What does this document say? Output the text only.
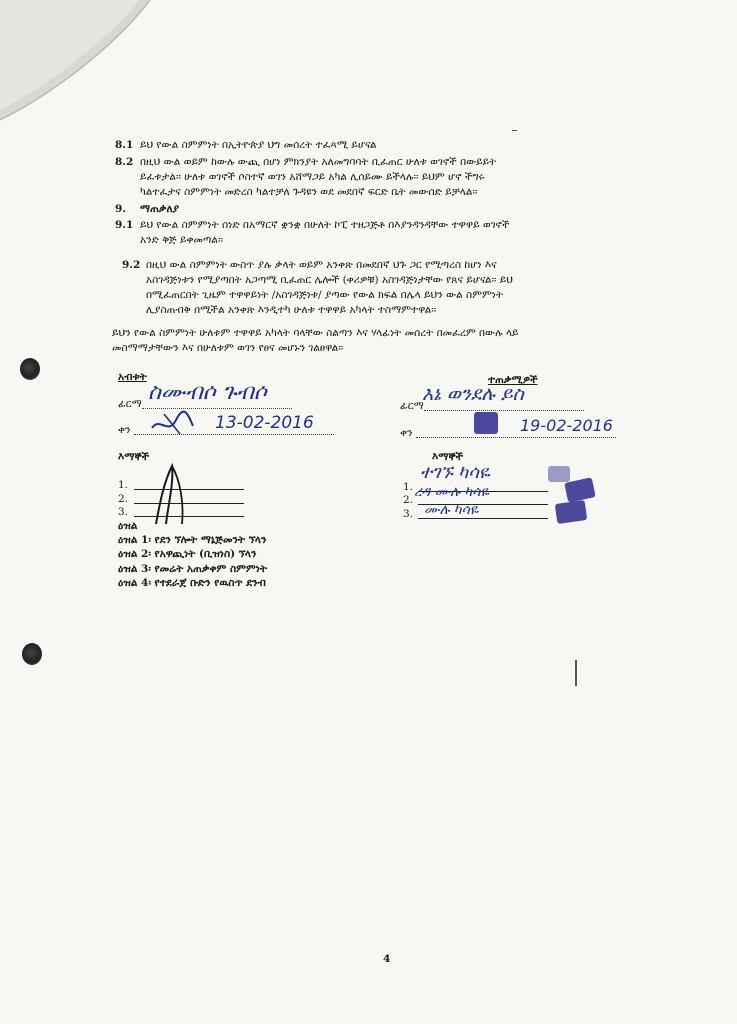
8.1 ይህ የውል ስምምነት በኢትዮጵያ ህግ መሰረት ተፈጻሚ ይሆናል
8.2 በዚህ ውል ወይም ከውሉ ውጪ በሆነ ምክንያት አለመግባባት ቢፈጠር ሁለቱ ወገኖች በውይይት
ይፈቱታል፡፡ ሁለቱ ወገኖች ሶስተኛ ወገን አሸማጋይ አካል ሊሰይሙ ይችላሉ፡፡ ይህም ሆኖ ችግሩ
ካልተፈታና ስምምነት መድረስ ካልተቻለ ጉዳዩን ወደ መደበኛ ፍርድ ቤት መውሰድ ይቻላል፡፡
9. ማጠቃለያ
9.1 ይህ የውል ስምምነት ሰነድ በአማርኛ ቋንቋ በሁለት ኮፒ ተዘጋጅቶ በእያንዳንዳቸው ተዋዋይ ወገኖች
አንድ ቅጅ ይቀመጣል፡፡
9.2 በዚህ ውል ስምምነት ውስጥ ያሉ ቃላት ወይም አንቀጽ በመደበኛ ህጉ ጋር የሚጣረስ ከሆነ እና
አስገዳጅነቱን የሚያጣበት አጋጣሚ ቢፈጠር ሌሎች (ቀሪዎቹ) አስገዳጅነታቸው የጸና ይሆናል፡፡ ይህ
በሚፈጠርበት ጊዜም ተዋዋይነት /አስገዳጅነቱ/ ያጣው የውል ክፍል በሌላ ይህን ውል ስምምነት
ሊያስጠብቅ በሚችል አንቀጽ እንዲተካ ሁለቱ ተዋዋይ አካላት ተስማምተዋል፡፡
ይህን የውል ስምምነት ሁለቱም ተዋዋይ አካላት ባላቸው ስልጣን እና ሃላፊነት መሰረት በመፈረም በውሉ ላይ
መስማማታቸውን እና በሁለቱም ወገን የፀና መሆኑን ገልፀዋል፡፡
አብቱት
ፊርማ ስሙብሶ ጉብሶ
ቀን	13-02-2016
ተጠቃሚዎች
ፊርማ
እኔ ወንደሉ ይስ
ቀን	19-02-2016
እማኞች
1.
2.
3.
እማኞች
1.
2.
3.
ተገኙ ካሳዬ
ረዳ ሙሉ ካሳዬ
ሙሉ ካሳዬ
ዕዝል
ዕዝል 1፡ የደን ኘሎት ማኔጅመንት ኘላን
ዕዝል 2፡ የአዋጪነት (ቢዝነስ) ኘላን
ዕዝል 3፡ የመሬት አጠቃቀም ስምምነት
ዕዝል 4፡ የተደራጀ ቡድን የዉስጥ ደንብ
4
